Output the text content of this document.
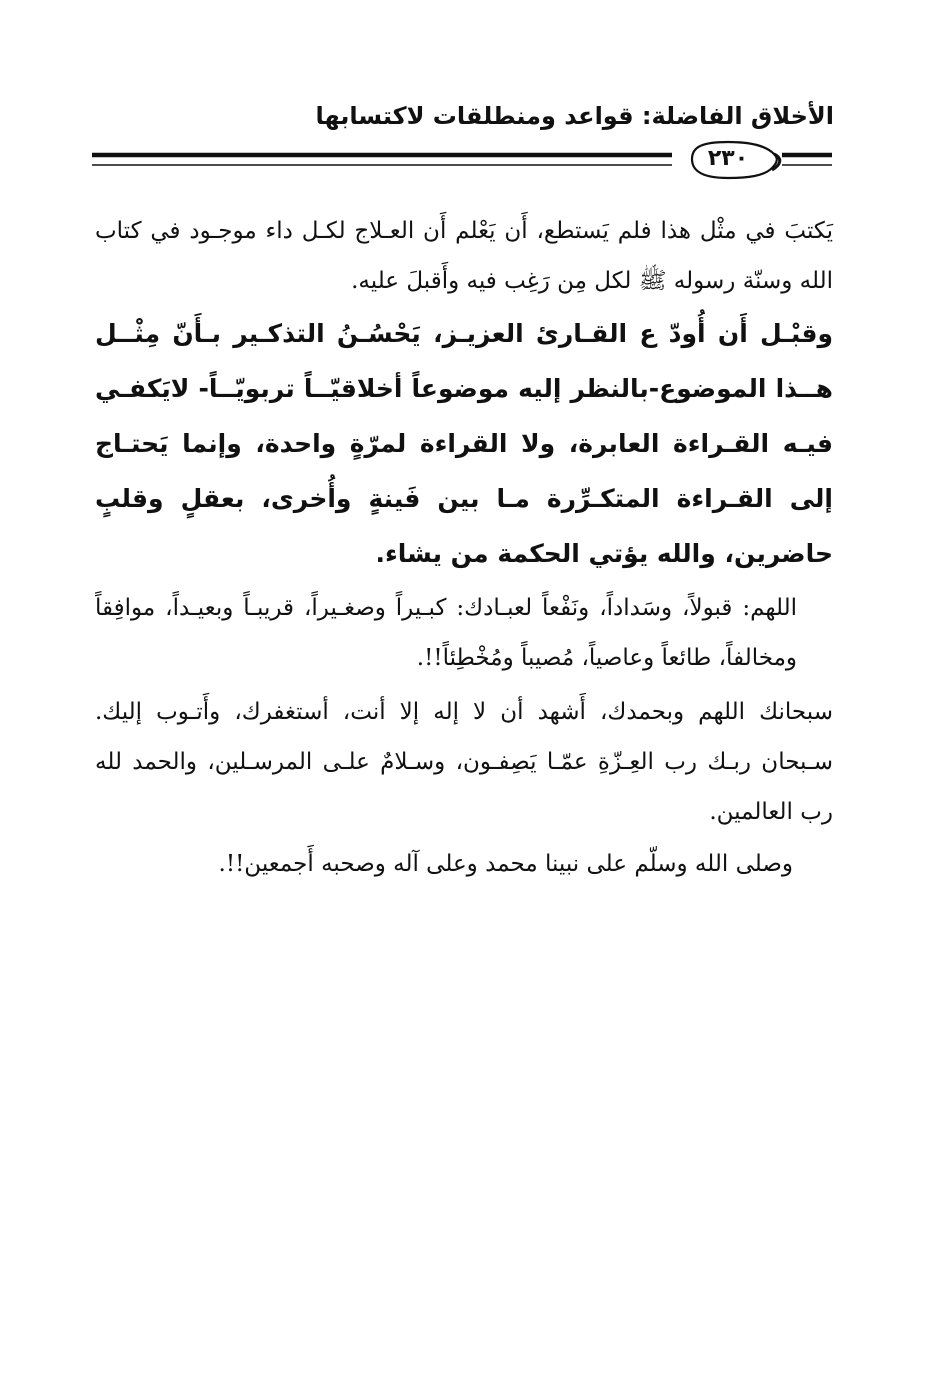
الأخلاق الفاضلة: قواعد ومنطلقات لاكتسابها
٢٣٠

يَكتبَ في مثْل هذا فلم يَستطع، أَن يَعْلم أَن العـلاج لكـل داء موجـود في كتاب الله وسنّة رسوله ﷺ لكل مِن رَغِب فيه وأَقبلَ عليه.

وقبْـل أَن أُودّ ع القـارئ العزيـز، يَحْسُـنُ التذكـير بـأَنّ مِثْــل هــذا الموضوع-بالنظر إليه موضوعاً أخلاقيّــاً تربويّــاً- لايَكفـي فيـه القـراءة العابرة، ولا القراءة لمرّةٍ واحدة، وإنما يَحتـاج إلى القـراءة المتكـرِّرة مـا بين فَينةٍ وأُخرى، بعقلٍ وقلبٍ حاضرين، والله يؤتي الحكمة من يشاء.

اللهم: قبولاً، وسَداداً، ونَفْعاً لعبـادك: كبـيراً وصغـيراً، قريبـاً وبعيـداً، موافِقاً ومخالفاً، طائعاً وعاصياً، مُصيباً ومُخْطِئاً!!.

سبحانك اللهم وبحمدك، أَشهد أن لا إله إلا أنت، أستغفرك، وأَتـوب إليك. سـبحان ربـك رب العِـزّةِ عمّـا يَصِفـون، وسـلامٌ علـى المرسـلين، والحمد لله رب العالمين.

وصلى الله وسلّم على نبينا محمد وعلى آله وصحبه أَجمعين!!.
